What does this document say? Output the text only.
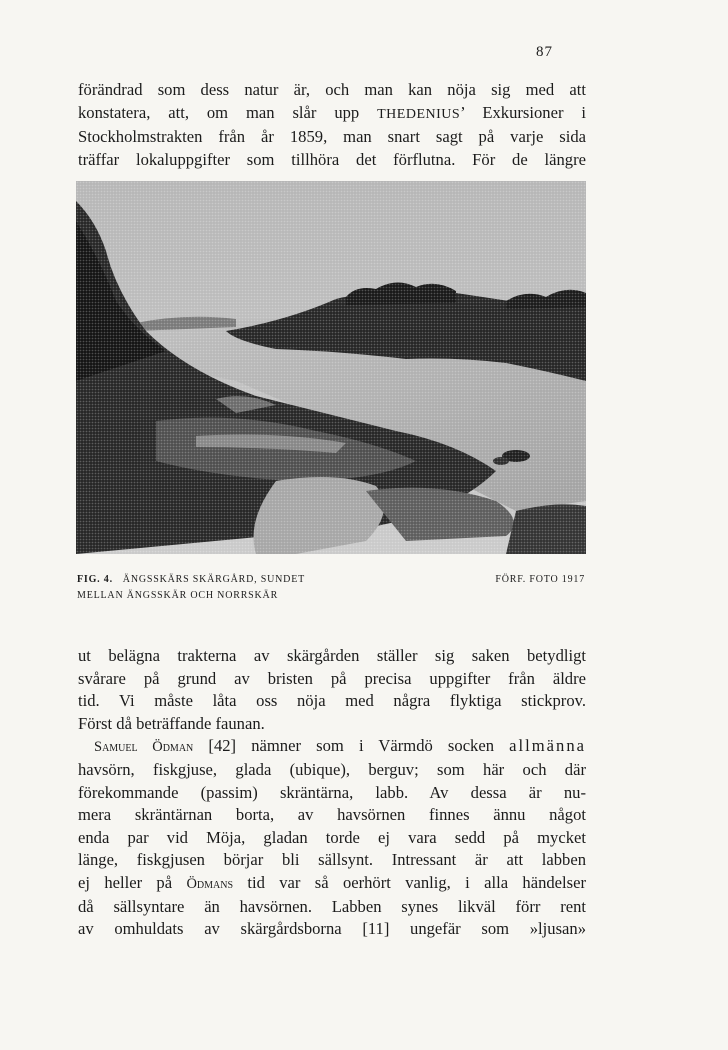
87
förändrad som dess natur är, och man kan nöja sig med att
konstatera, att, om man slår upp THEDENIUS’ Exkursioner i
Stockholmstrakten från år 1859, man snart sagt på varje sida
träffar lokaluppgifter som tillhöra det förflutna. För de längre
FIG. 4. ÄNGSSKÄRS SKÄRGÅRD, SUNDET
MELLAN ÄNGSSKÄR OCH NORRSKÄR
FÖRF. FOTO 1917
ut belägna trakterna av skärgården ställer sig saken betydligt
svårare på grund av bristen på precisa uppgifter från äldre
tid. Vi måste låta oss nöja med några flyktiga stickprov.
Först då beträffande faunan.
Samuel Ödman [42] nämner som i Värmdö socken allmänna
havsörn, fiskgjuse, glada (ubique), berguv; som här och där
förekommande (passim) skräntärna, labb. Av dessa är nu-
mera skräntärnan borta, av havsörnen finnes ännu något
enda par vid Möja, gladan torde ej vara sedd på mycket
länge, fiskgjusen börjar bli sällsynt. Intressant är att labben
ej heller på Ödmans tid var så oerhört vanlig, i alla händelser
då sällsyntare än havsörnen. Labben synes likväl förr rent
av omhuldats av skärgårdsborna [11] ungefär som »ljusan»
